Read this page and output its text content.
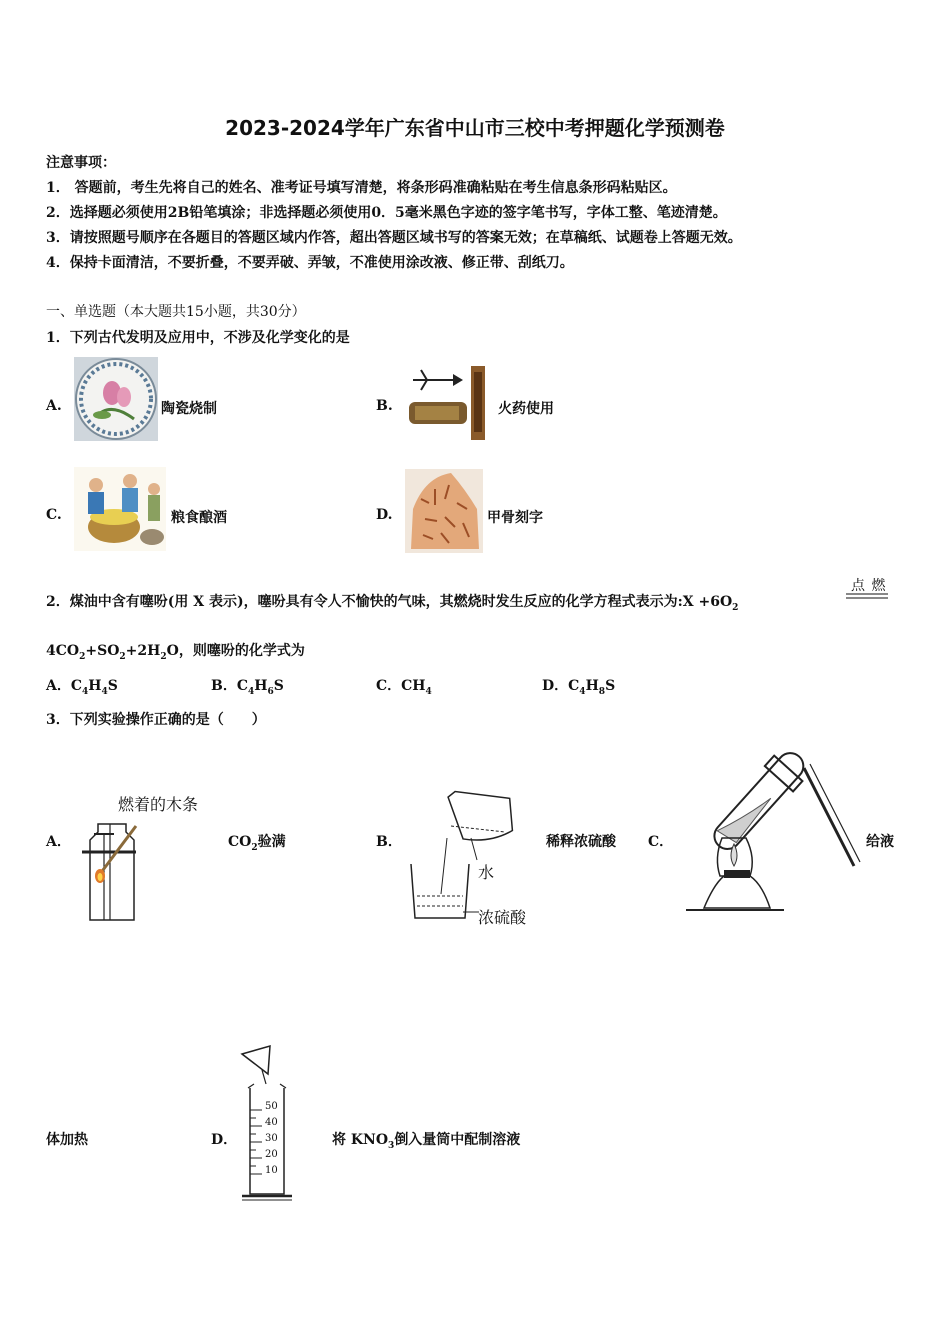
2023-2024学年广东省中山市三校中考押题化学预测卷
注意事项：
1． 答题前，考生先将自己的姓名、准考证号填写清楚，将条形码准确粘贴在考生信息条形码粘贴区。
2．选择题必须使用2B铅笔填涂；非选择题必须使用0．5毫米黑色字迹的签字笔书写，字体工整、笔迹清楚。
3．请按照题号顺序在各题目的答题区域内作答，超出答题区域书写的答案无效；在草稿纸、试题卷上答题无效。
4．保持卡面清洁，不要折叠，不要弄破、弄皱，不准使用涂改液、修正带、刮纸刀。
一、单选题（本大题共15小题，共30分）
1．下列古代发明及应用中，不涉及化学变化的是
A.	陶瓷烧制	B.	火药使用
C.	粮食酿酒	D.	甲骨刻字
2．煤油中含有噻吩(用 X 表示)，噻吩具有令人不愉快的气味，其燃烧时发生反应的化学方程式表示为:X $+6O_2$
点 燃
$4CO_2+SO_2+2H_2O$，则噻吩的化学式为
A．$C_4H_4S$	B．$C_4H_6S$	C．$CH_4$	D．$C_4H_8S$
3．下列实验操作正确的是（　　）
A．
燃着的木条
$CO_2$验满	B．
水
浓硫酸
稀释浓硫酸 C．	给液
体加热	D．
50
40
30
20
10
将 $KNO_3$倒入量筒中配制溶液
